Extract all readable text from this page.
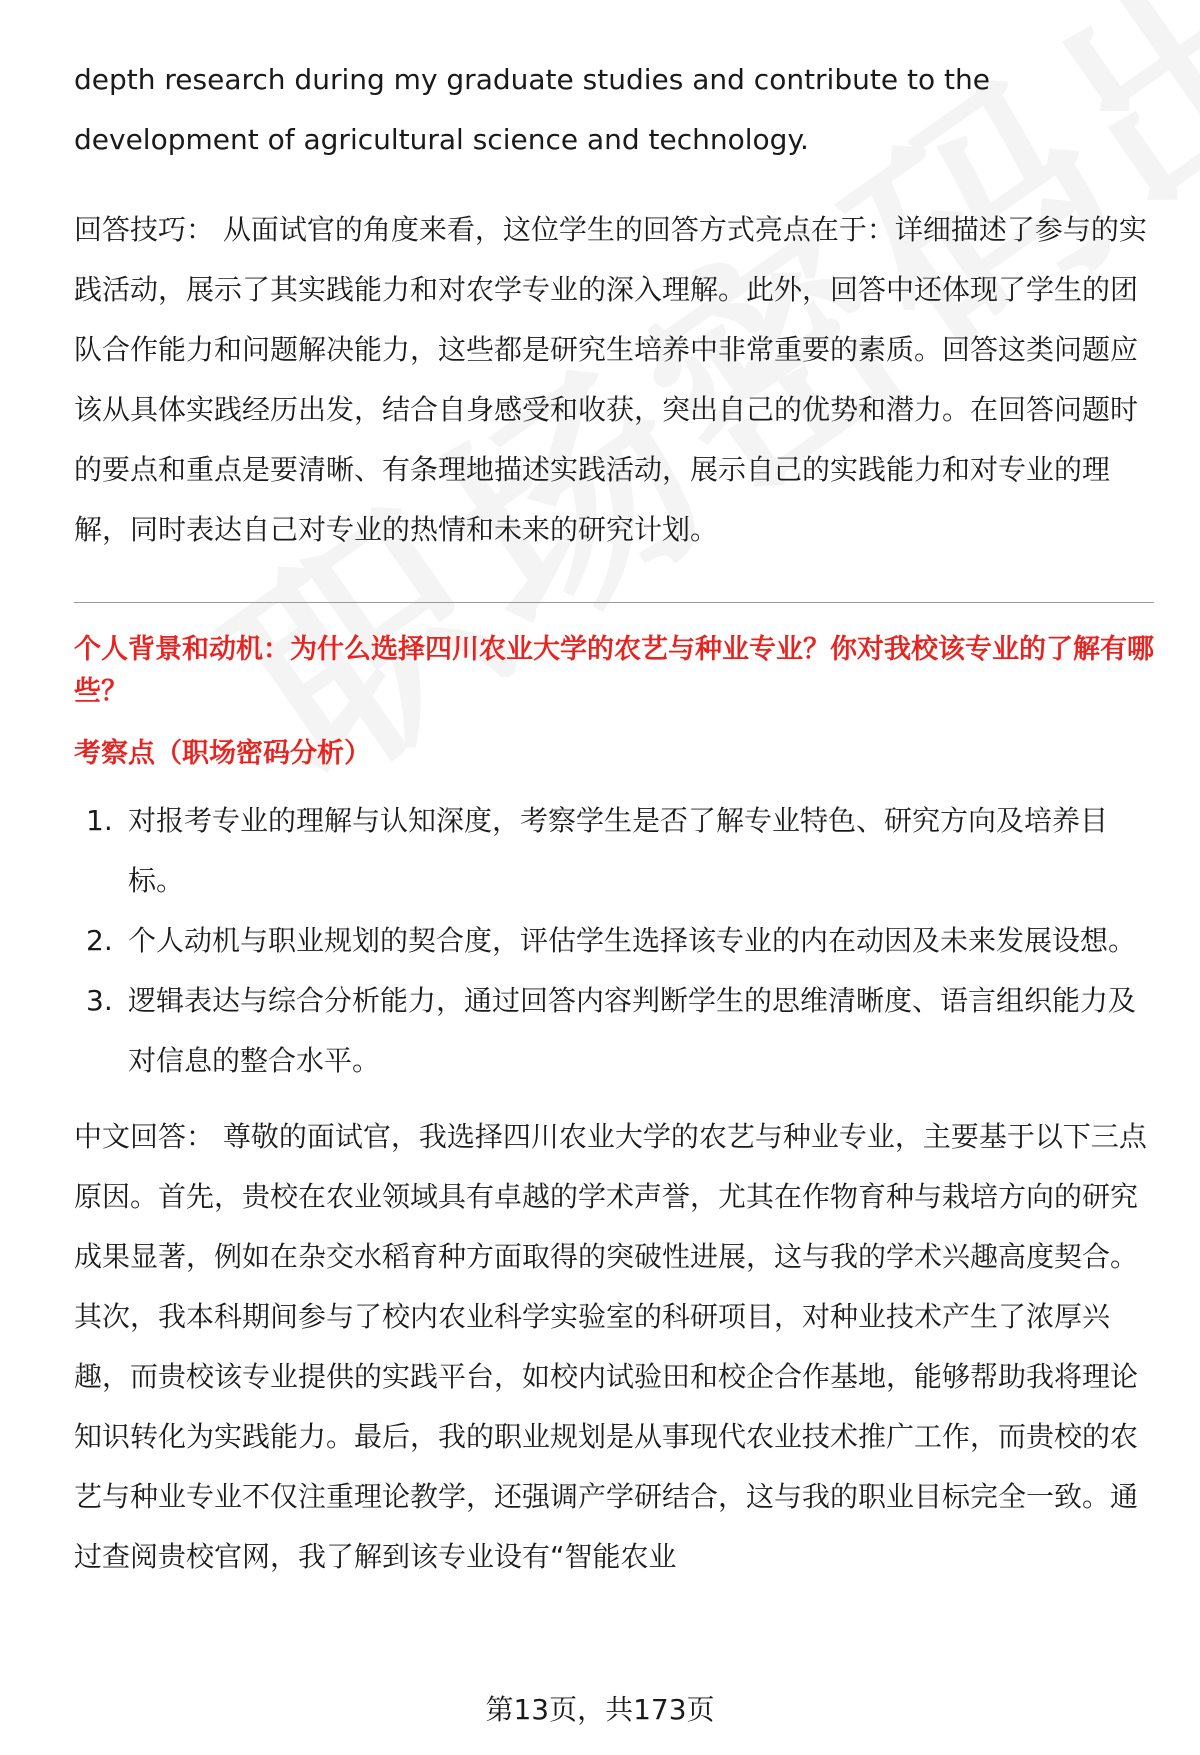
depth research during my graduate studies and contribute to the development of agricultural science and technology.

回答技巧： 从面试官的角度来看，这位学生的回答方式亮点在于：详细描述了参与的实践活动，展示了其实践能力和对农学专业的深入理解。此外，回答中还体现了学生的团队合作能力和问题解决能力，这些都是研究生培养中非常重要的素质。回答这类问题应该从具体实践经历出发，结合自身感受和收获，突出自己的优势和潜力。在回答问题时的要点和重点是要清晰、有条理地描述实践活动，展示自己的实践能力和对专业的理解，同时表达自己对专业的热情和未来的研究计划。

个人背景和动机：为什么选择四川农业大学的农艺与种业专业？你对我校该专业的了解有哪些？

考察点（职场密码分析）

1. 对报考专业的理解与认知深度，考察学生是否了解专业特色、研究方向及培养目标。
2. 个人动机与职业规划的契合度，评估学生选择该专业的内在动因及未来发展设想。
3. 逻辑表达与综合分析能力，通过回答内容判断学生的思维清晰度、语言组织能力及对信息的整合水平。

中文回答： 尊敬的面试官，我选择四川农业大学的农艺与种业专业，主要基于以下三点原因。首先，贵校在农业领域具有卓越的学术声誉，尤其在作物育种与栽培方向的研究成果显著，例如在杂交水稻育种方面取得的突破性进展，这与我的学术兴趣高度契合。其次，我本科期间参与了校内农业科学实验室的科研项目，对种业技术产生了浓厚兴趣，而贵校该专业提供的实践平台，如校内试验田和校企合作基地，能够帮助我将理论知识转化为实践能力。最后，我的职业规划是从事现代农业技术推广工作，而贵校的农艺与种业专业不仅注重理论教学，还强调产学研结合，这与我的职业目标完全一致。通过查阅贵校官网，我了解到该专业设有“智能农业

第13页，共173页
